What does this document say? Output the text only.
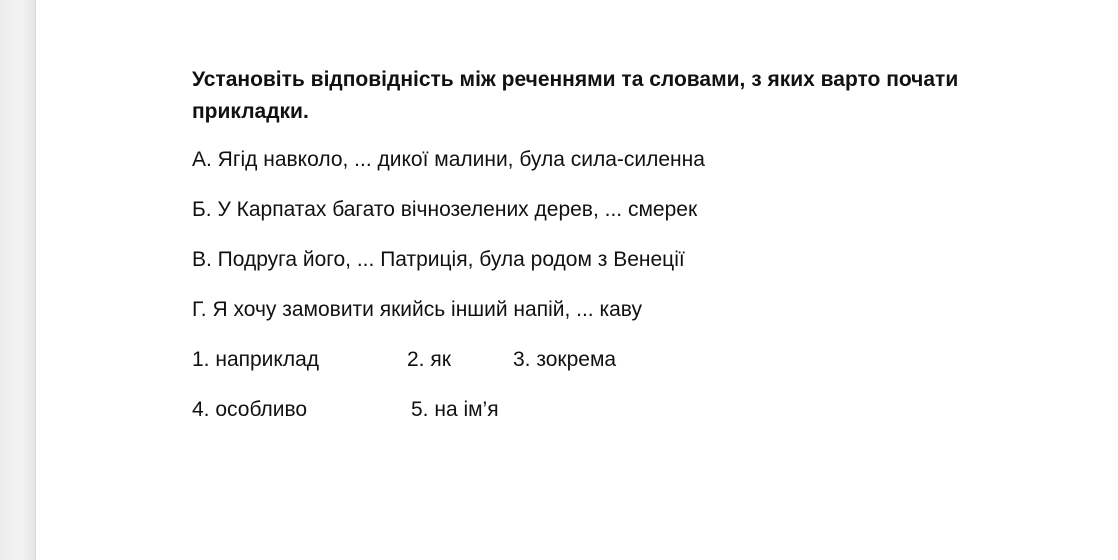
Установіть відповідність між реченнями та словами, з яких варто почати прикладки.

А. Ягід навколо, ... дикої малини, була сила-силенна

Б. У Карпатах багато вічнозелених дерев, ... смерек

В. Подруга його, ... Патриція, була родом з Венеції

Г. Я хочу замовити якийсь інший напій, ... каву

1. наприклад	2. як	3. зокрема
4. особливо	5. на ім’я
